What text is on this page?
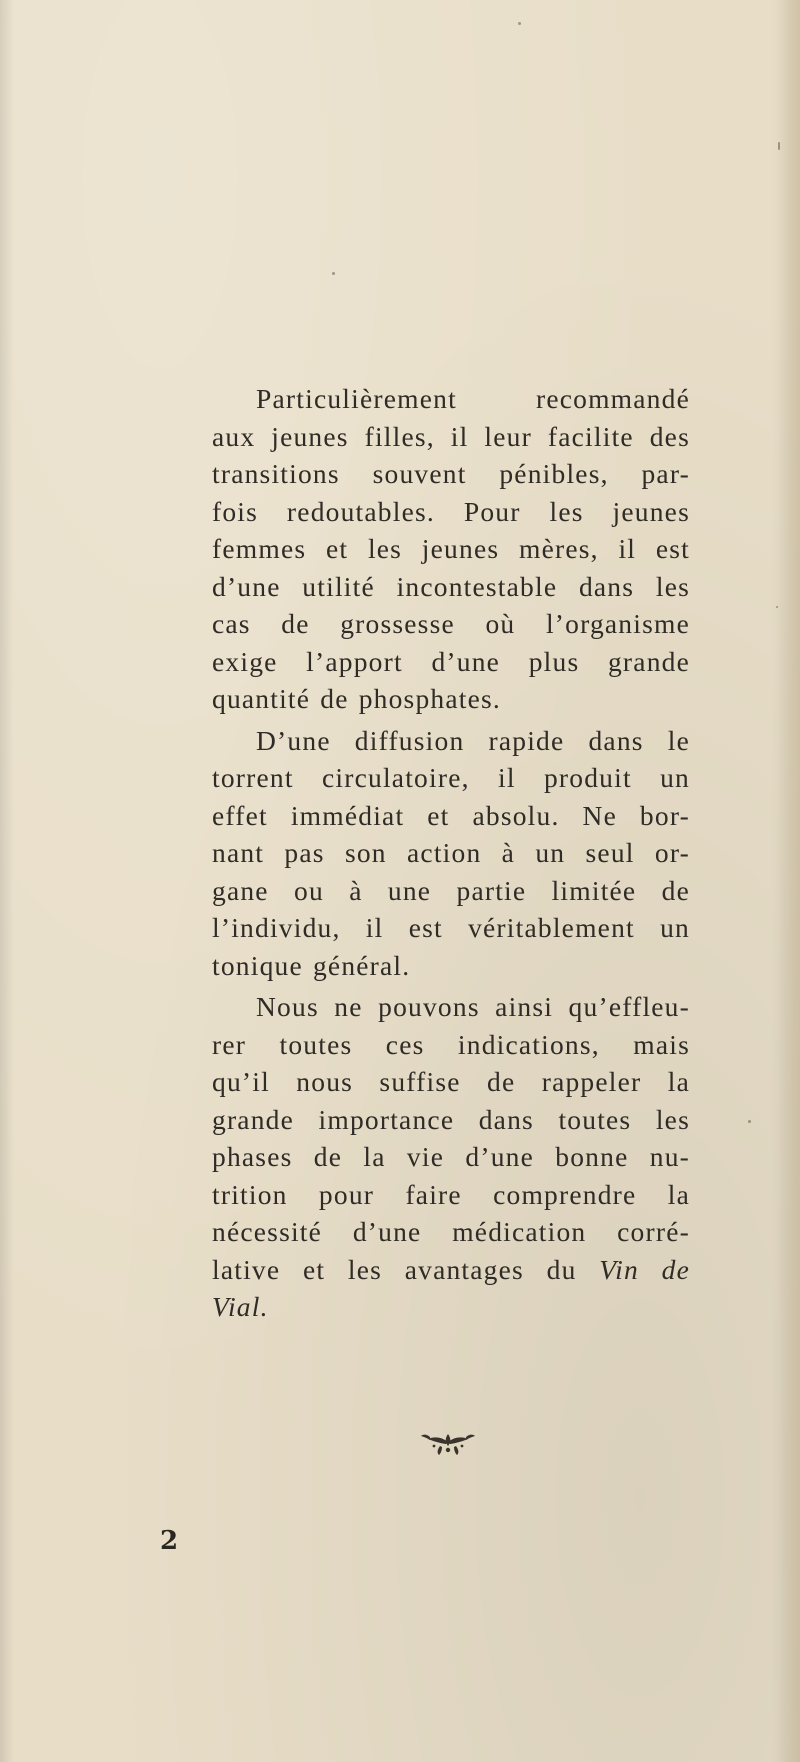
Particulièrement recommandé
aux jeunes filles, il leur facilite des
transitions souvent pénibles, par-
fois redoutables. Pour les jeunes
femmes et les jeunes mères, il est
d’une utilité incontestable dans les
cas de grossesse où l’organisme
exige l’apport d’une plus grande
quantité de phosphates.

D’une diffusion rapide dans le
torrent circulatoire, il produit un
effet immédiat et absolu. Ne bor-
nant pas son action à un seul or-
gane ou à une partie limitée de
l’individu, il est véritablement un
tonique général.

Nous ne pouvons ainsi qu’effleu-
rer toutes ces indications, mais
qu’il nous suffise de rappeler la
grande importance dans toutes les
phases de la vie d’une bonne nu-
trition pour faire comprendre la
nécessité d’une médication corré-
lative et les avantages du Vin de
Vial.

2
